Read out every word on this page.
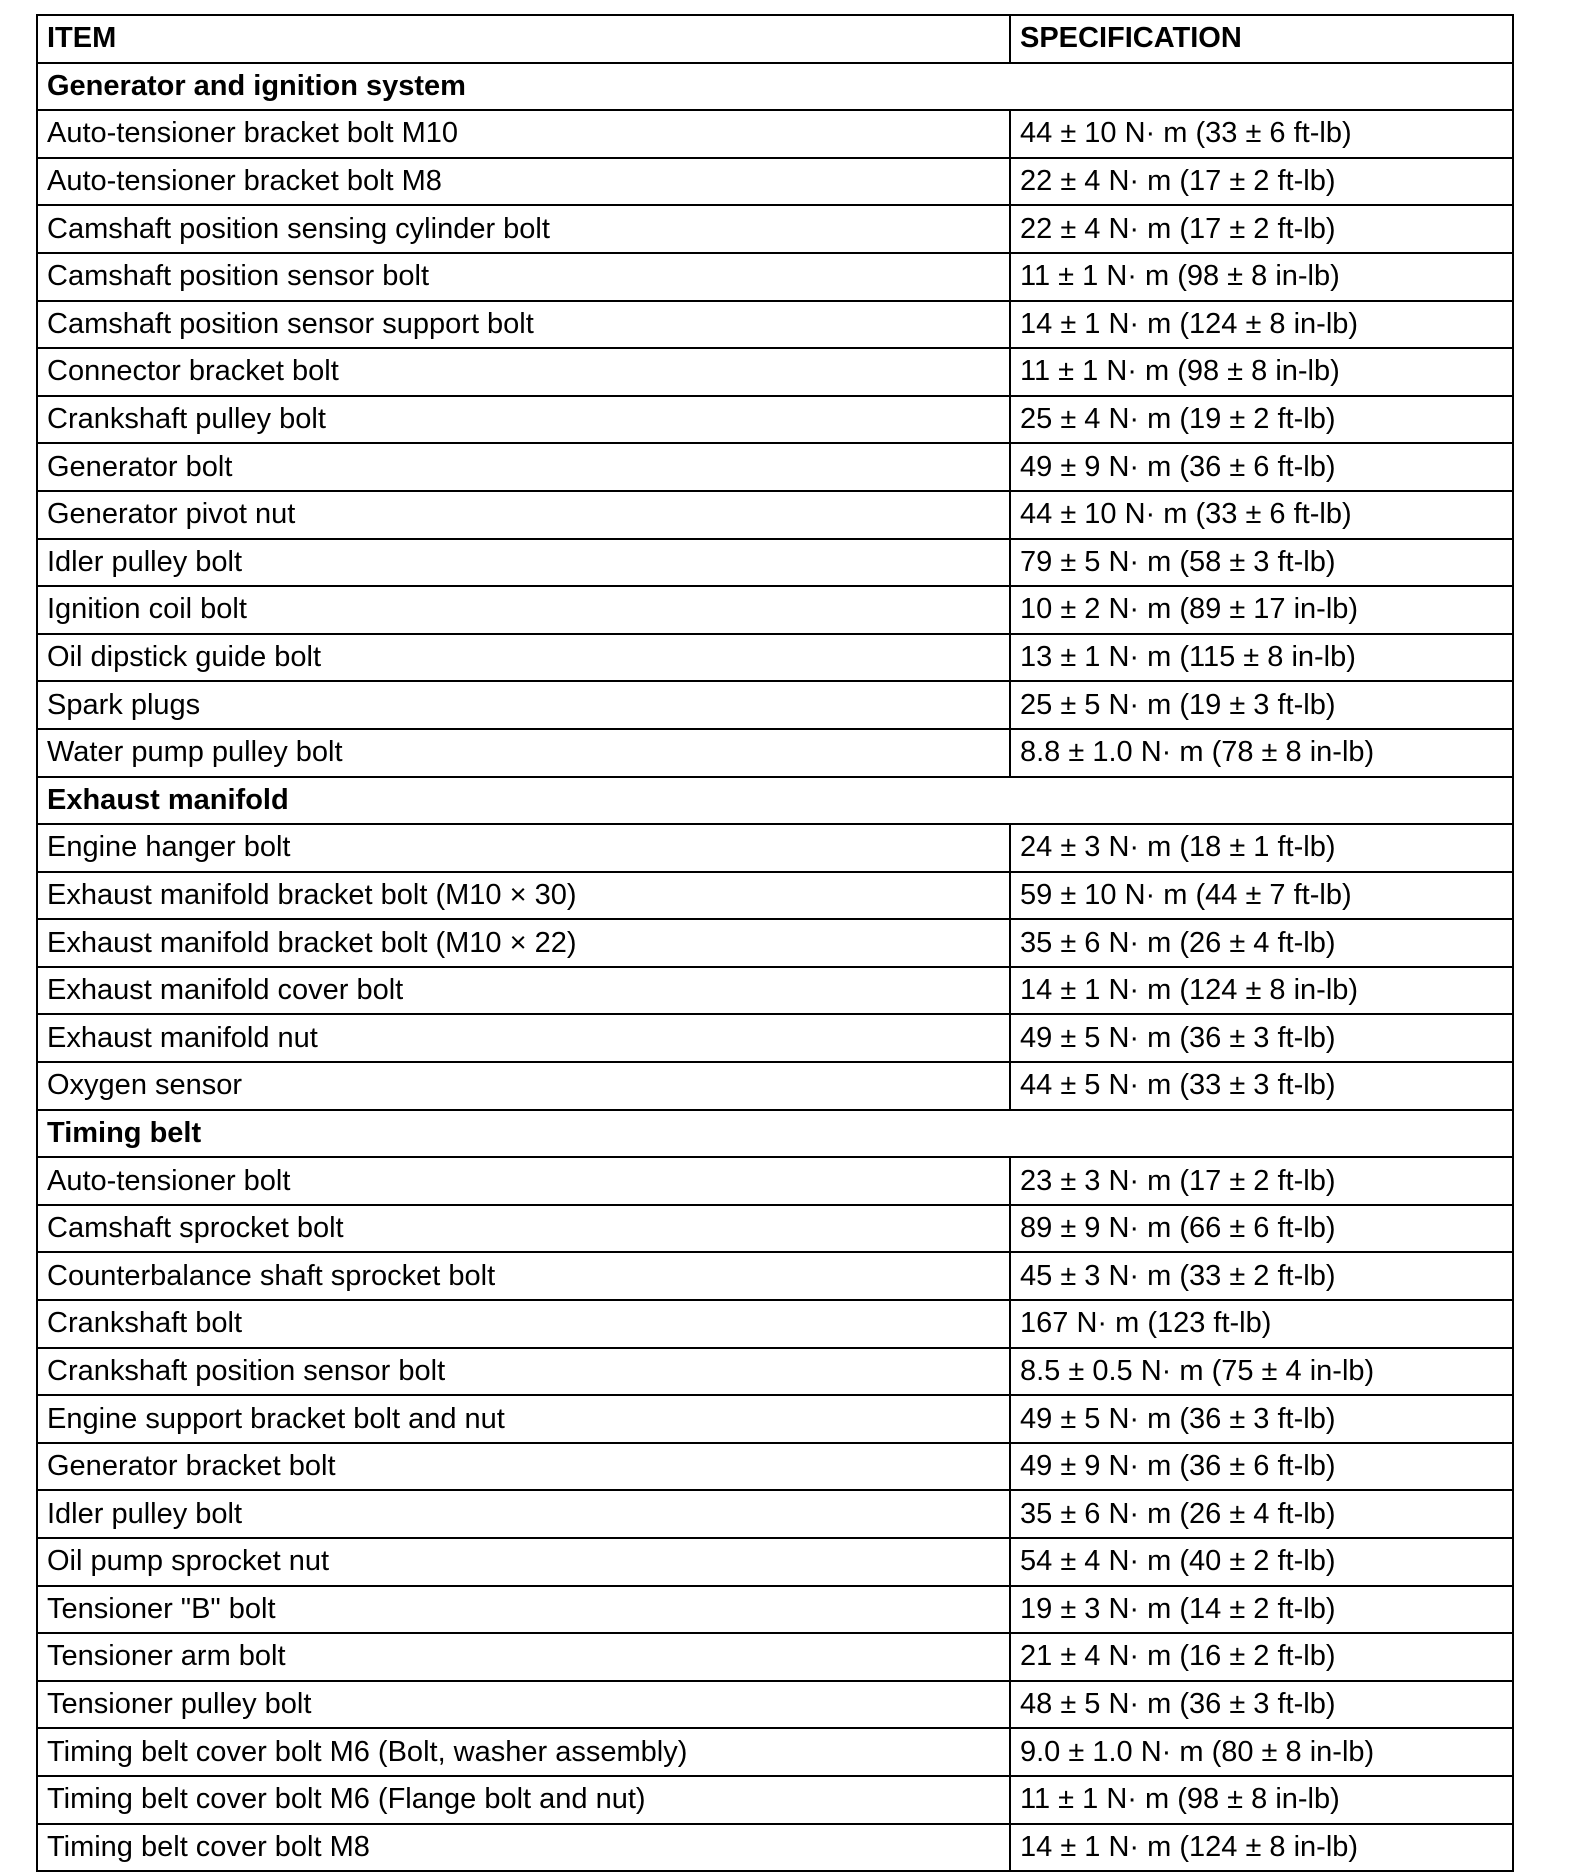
ITEM	SPECIFICATION
Generator and ignition system	
Auto-tensioner bracket bolt M10	44 ± 10 N· m (33 ± 6 ft-lb)
Auto-tensioner bracket bolt M8	22 ± 4 N· m (17 ± 2 ft-lb)
Camshaft position sensing cylinder bolt	22 ± 4 N· m (17 ± 2 ft-lb)
Camshaft position sensor bolt	11 ± 1 N· m (98 ± 8 in-lb)
Camshaft position sensor support bolt	14 ± 1 N· m (124 ± 8 in-lb)
Connector bracket bolt	11 ± 1 N· m (98 ± 8 in-lb)
Crankshaft pulley bolt	25 ± 4 N· m (19 ± 2 ft-lb)
Generator bolt	49 ± 9 N· m (36 ± 6 ft-lb)
Generator pivot nut	44 ± 10 N· m (33 ± 6 ft-lb)
Idler pulley bolt	79 ± 5 N· m (58 ± 3 ft-lb)
Ignition coil bolt	10 ± 2 N· m (89 ± 17 in-lb)
Oil dipstick guide bolt	13 ± 1 N· m (115 ± 8 in-lb)
Spark plugs	25 ± 5 N· m (19 ± 3 ft-lb)
Water pump pulley bolt	8.8 ± 1.0 N· m (78 ± 8 in-lb)
Exhaust manifold	
Engine hanger bolt	24 ± 3 N· m (18 ± 1 ft-lb)
Exhaust manifold bracket bolt (M10 × 30)	59 ± 10 N· m (44 ± 7 ft-lb)
Exhaust manifold bracket bolt (M10 × 22)	35 ± 6 N· m (26 ± 4 ft-lb)
Exhaust manifold cover bolt	14 ± 1 N· m (124 ± 8 in-lb)
Exhaust manifold nut	49 ± 5 N· m (36 ± 3 ft-lb)
Oxygen sensor	44 ± 5 N· m (33 ± 3 ft-lb)
Timing belt	
Auto-tensioner bolt	23 ± 3 N· m (17 ± 2 ft-lb)
Camshaft sprocket bolt	89 ± 9 N· m (66 ± 6 ft-lb)
Counterbalance shaft sprocket bolt	45 ± 3 N· m (33 ± 2 ft-lb)
Crankshaft bolt	167 N· m (123 ft-lb)
Crankshaft position sensor bolt	8.5 ± 0.5 N· m (75 ± 4 in-lb)
Engine support bracket bolt and nut	49 ± 5 N· m (36 ± 3 ft-lb)
Generator bracket bolt	49 ± 9 N· m (36 ± 6 ft-lb)
Idler pulley bolt	35 ± 6 N· m (26 ± 4 ft-lb)
Oil pump sprocket nut	54 ± 4 N· m (40 ± 2 ft-lb)
Tensioner "B" bolt	19 ± 3 N· m (14 ± 2 ft-lb)
Tensioner arm bolt	21 ± 4 N· m (16 ± 2 ft-lb)
Tensioner pulley bolt	48 ± 5 N· m (36 ± 3 ft-lb)
Timing belt cover bolt M6 (Bolt, washer assembly)	9.0 ± 1.0 N· m (80 ± 8 in-lb)
Timing belt cover bolt M6 (Flange bolt and nut)	11 ± 1 N· m (98 ± 8 in-lb)
Timing belt cover bolt M8	14 ± 1 N· m (124 ± 8 in-lb)
